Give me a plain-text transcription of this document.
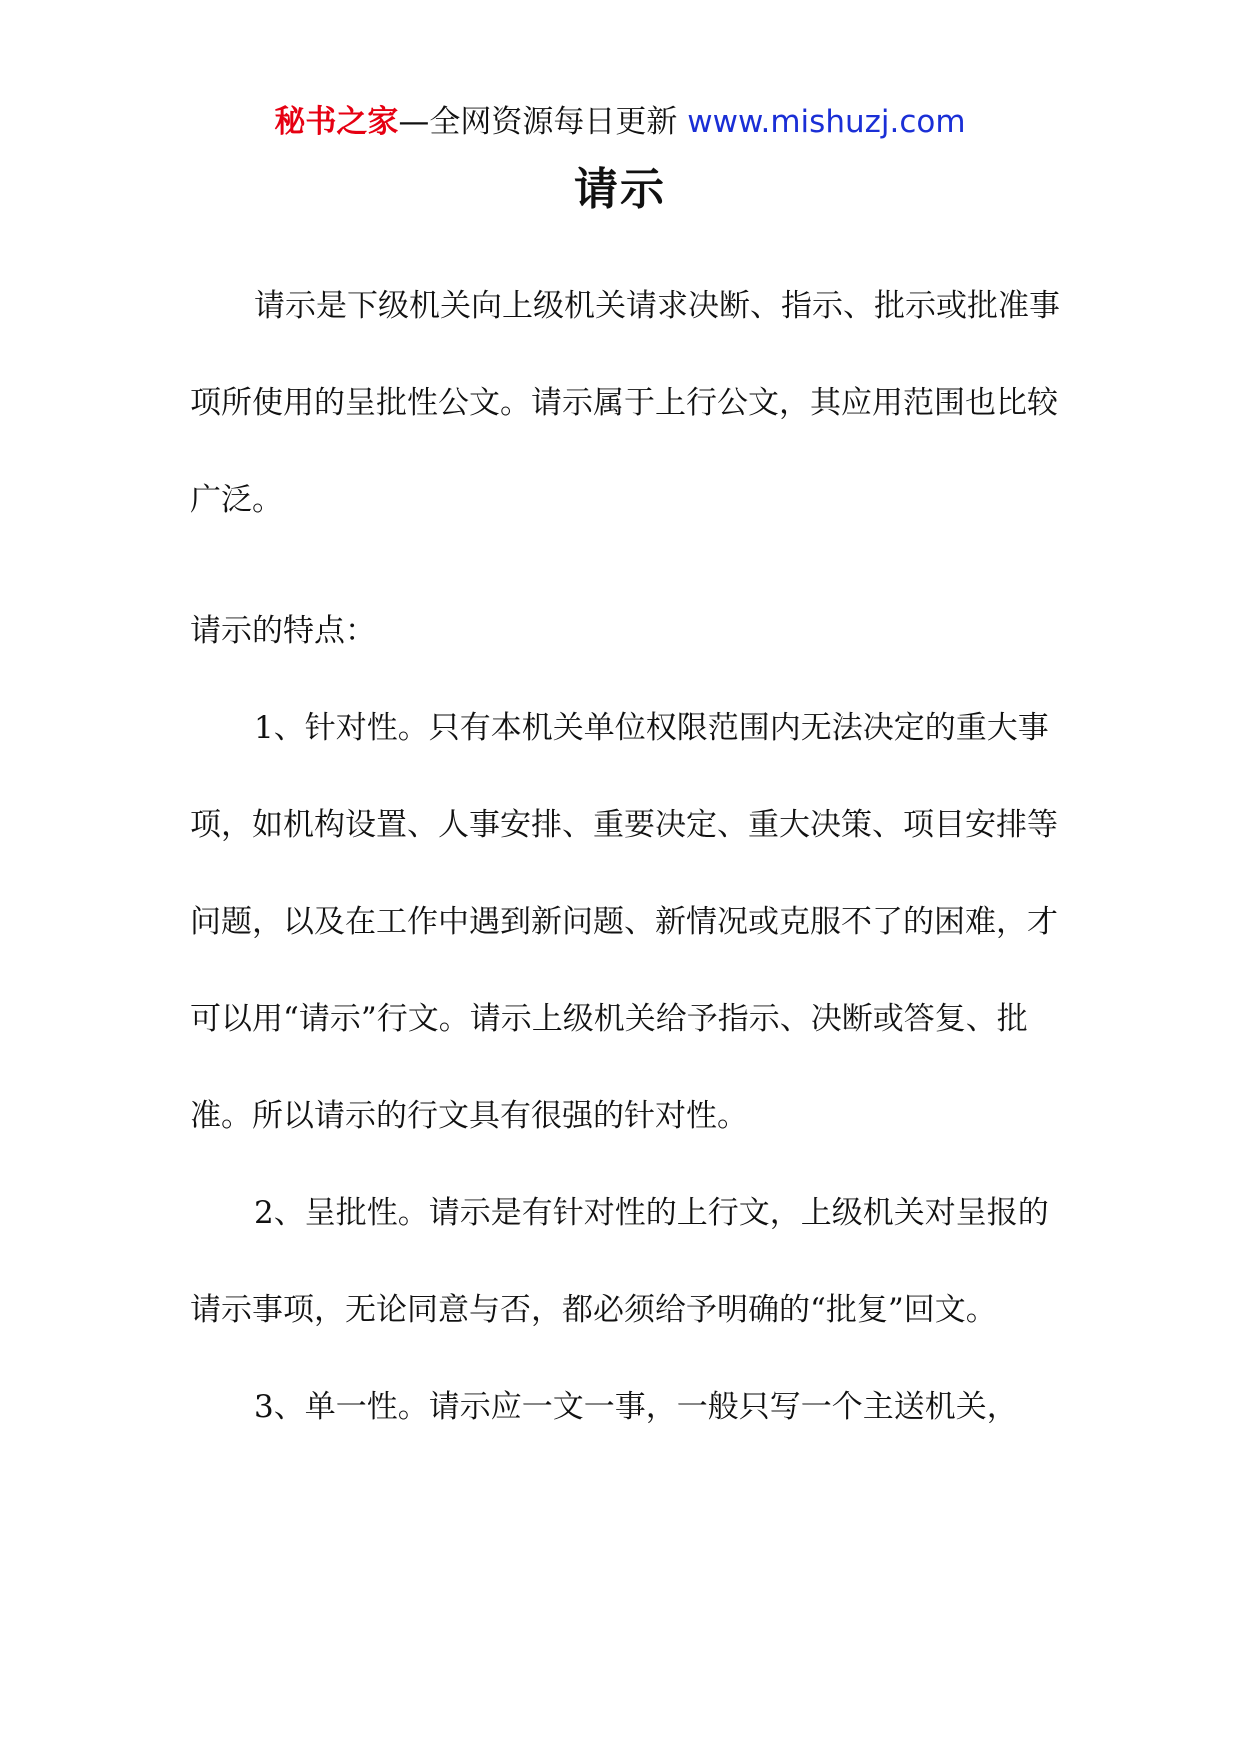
秘书之家—全网资源每日更新 www.mishuzj.com
请示

请示是下级机关向上级机关请求决断、指示、批示或批准事项所使用的呈批性公文。请示属于上行公文，其应用范围也比较广泛。

请示的特点：

1、针对性。只有本机关单位权限范围内无法决定的重大事项，如机构设置、人事安排、重要决定、重大决策、项目安排等问题，以及在工作中遇到新问题、新情况或克服不了的困难，才可以用“请示”行文。请示上级机关给予指示、决断或答复、批准。所以请示的行文具有很强的针对性。

2、呈批性。请示是有针对性的上行文，上级机关对呈报的请示事项，无论同意与否，都必须给予明确的“批复”回文。

3、单一性。请示应一文一事，一般只写一个主送机关，
